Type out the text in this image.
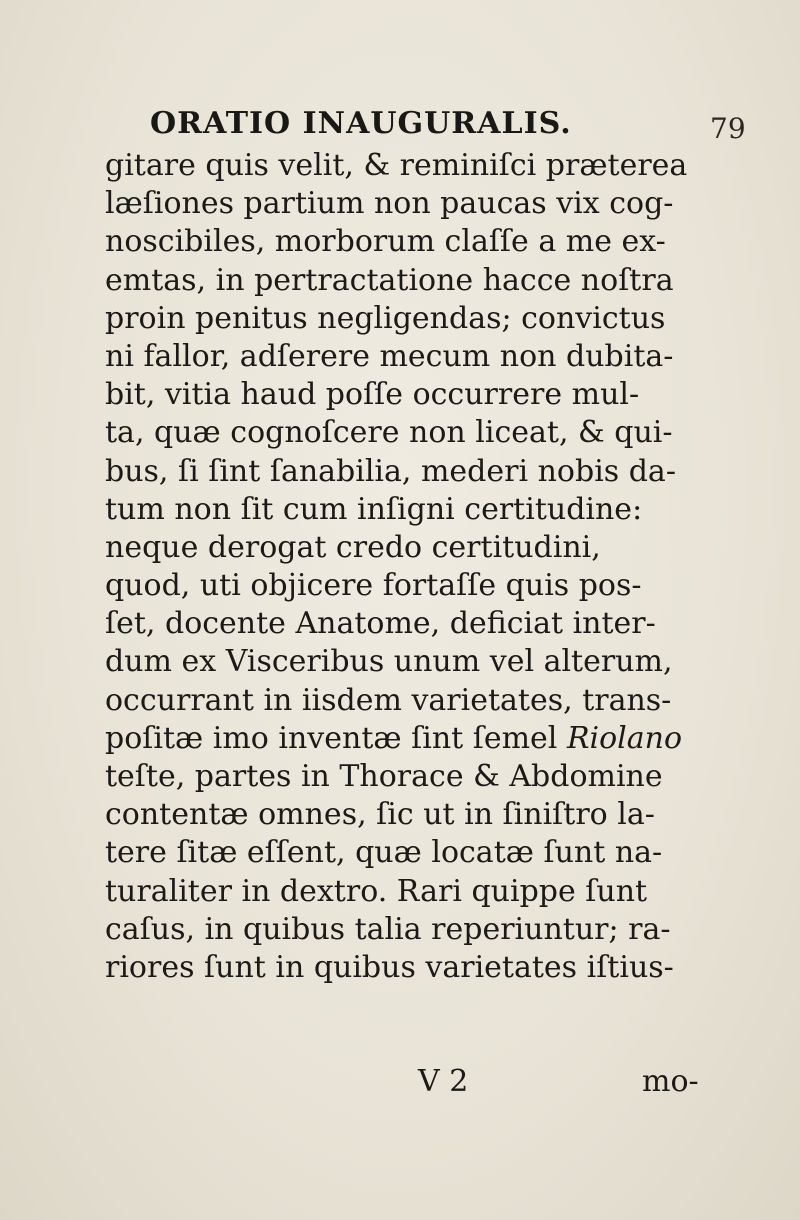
ORATIO INAUGURALIS.	79
gitare quis velit, & reminiſci prӕterea
lӕſiones partium non paucas vix cog-
noscibiles, morborum claſſe a me ex-
emtas, in pertractatione hacce noſtra
proin penitus negligendas; convictus
ni fallor, adſerere mecum non dubita-
bit, vitia haud poſſe occurrere mul-
ta, quӕ cognoſcere non liceat, & qui-
bus, ſi ſint ſanabilia, mederi nobis da-
tum non ſit cum inſigni certitudine:
neque derogat credo certitudini,
quod, uti objicere fortaſſe quis pos-
ſet, docente Anatome, deficiat inter-
dum ex Visceribus unum vel alterum,
occurrant in iisdem varietates, trans-
poſitӕ imo inventӕ ſint ſemel Riolano
teſte, partes in Thorace & Abdomine
contentӕ omnes, ſic ut in ſiniſtro la-
tere ſitӕ eſſent, quӕ locatӕ ſunt na-
turaliter in dextro. Rari quippe ſunt
caſus, in quibus talia reperiuntur; ra-
riores ſunt in quibus varietates iſtius-
V 2	mo-
